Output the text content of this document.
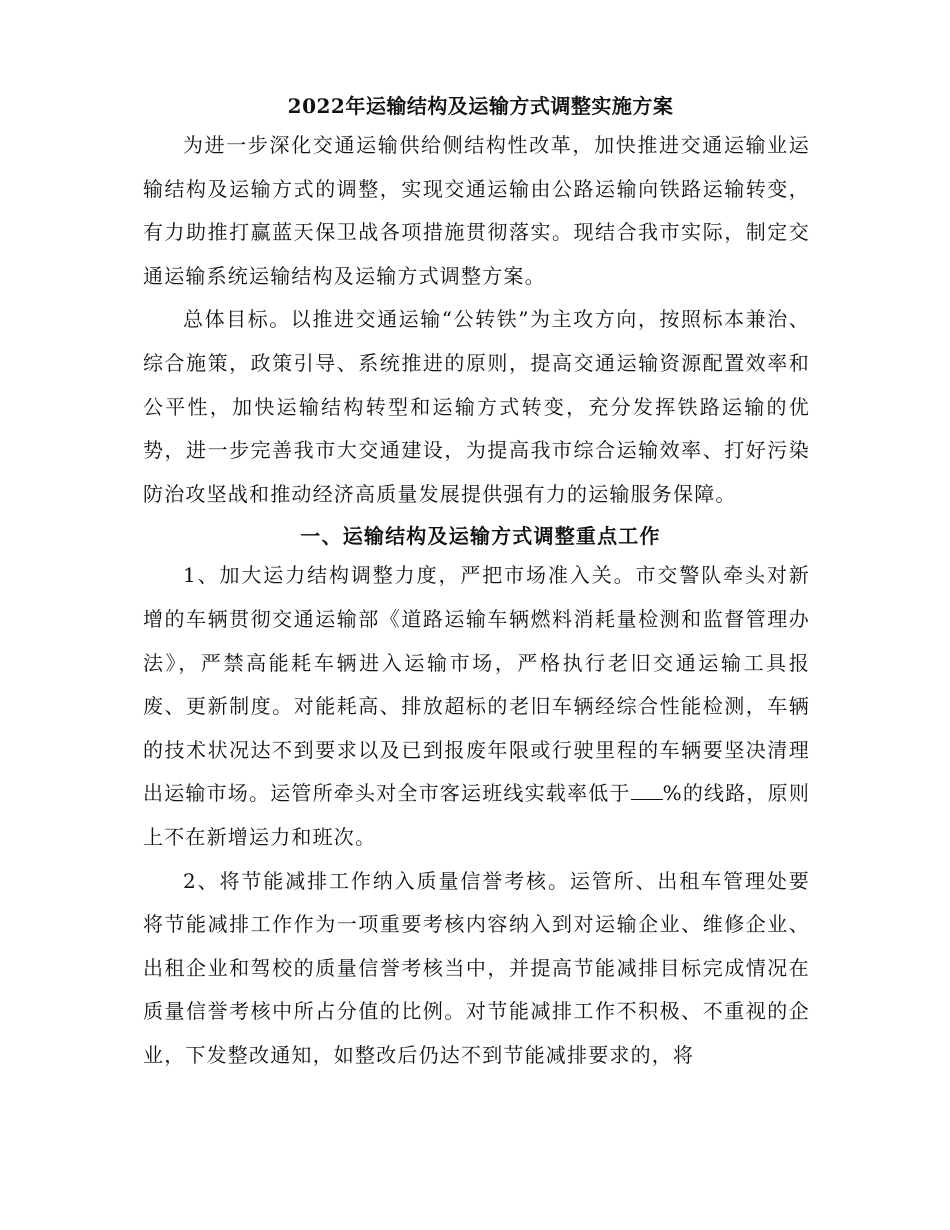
2022年运输结构及运输方式调整实施方案

为进一步深化交通运输供给侧结构性改革，加快推进交通运输业运输结构及运输方式的调整，实现交通运输由公路运输向铁路运输转变，有力助推打赢蓝天保卫战各项措施贯彻落实。现结合我市实际，制定交通运输系统运输结构及运输方式调整方案。

总体目标。以推进交通运输“公转铁”为主攻方向，按照标本兼治、综合施策，政策引导、系统推进的原则，提高交通运输资源配置效率和公平性，加快运输结构转型和运输方式转变，充分发挥铁路运输的优势，进一步完善我市大交通建设，为提高我市综合运输效率、打好污染防治攻坚战和推动经济高质量发展提供强有力的运输服务保障。

一、运输结构及运输方式调整重点工作

1、加大运力结构调整力度，严把市场准入关。市交警队牵头对新增的车辆贯彻交通运输部《道路运输车辆燃料消耗量检测和监督管理办法》，严禁高能耗车辆进入运输市场，严格执行老旧交通运输工具报废、更新制度。对能耗高、排放超标的老旧车辆经综合性能检测，车辆的技术状况达不到要求以及已到报废年限或行驶里程的车辆要坚决清理出运输市场。运管所牵头对全市客运班线实载率低于 %的线路，原则上不在新增运力和班次。

2、将节能减排工作纳入质量信誉考核。运管所、出租车管理处要将节能减排工作作为一项重要考核内容纳入到对运输企业、维修企业、出租企业和驾校的质量信誉考核当中，并提高节能减排目标完成情况在质量信誉考核中所占分值的比例。对节能减排工作不积极、不重视的企业，下发整改通知，如整改后仍达不到节能减排要求的，将
